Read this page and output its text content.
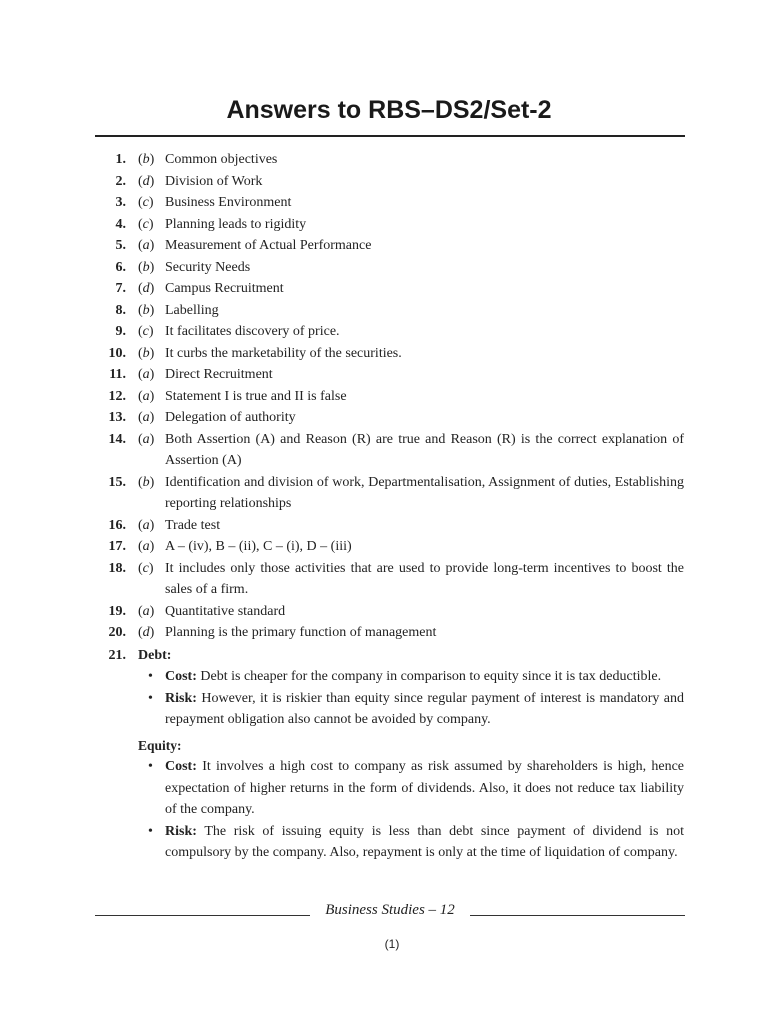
Answers to RBS–DS2/Set-2
1. (b) Common objectives
2. (d) Division of Work
3. (c) Business Environment
4. (c) Planning leads to rigidity
5. (a) Measurement of Actual Performance
6. (b) Security Needs
7. (d) Campus Recruitment
8. (b) Labelling
9. (c) It facilitates discovery of price.
10. (b) It curbs the marketability of the securities.
11. (a) Direct Recruitment
12. (a) Statement I is true and II is false
13. (a) Delegation of authority
14. (a) Both Assertion (A) and Reason (R) are true and Reason (R) is the correct explanation of Assertion (A)
15. (b) Identification and division of work, Departmentalisation, Assignment of duties, Establishing reporting relationships
16. (a) Trade test
17. (a) A – (iv), B – (ii), C – (i), D – (iii)
18. (c) It includes only those activities that are used to provide long-term incentives to boost the sales of a firm.
19. (a) Quantitative standard
20. (d) Planning is the primary function of management
21. Debt:

• Cost: Debt is cheaper for the company in comparison to equity since it is tax deductible.
• Risk: However, it is riskier than equity since regular payment of interest is mandatory and repayment obligation also cannot be avoided by company.
Equity:
• Cost: It involves a high cost to company as risk assumed by shareholders is high, hence expectation of higher returns in the form of dividends. Also, it does not reduce tax liability of the company.
• Risk: The risk of issuing equity is less than debt since payment of dividend is not compulsory by the company. Also, repayment is only at the time of liquidation of company.
Business Studies – 12
(1)
